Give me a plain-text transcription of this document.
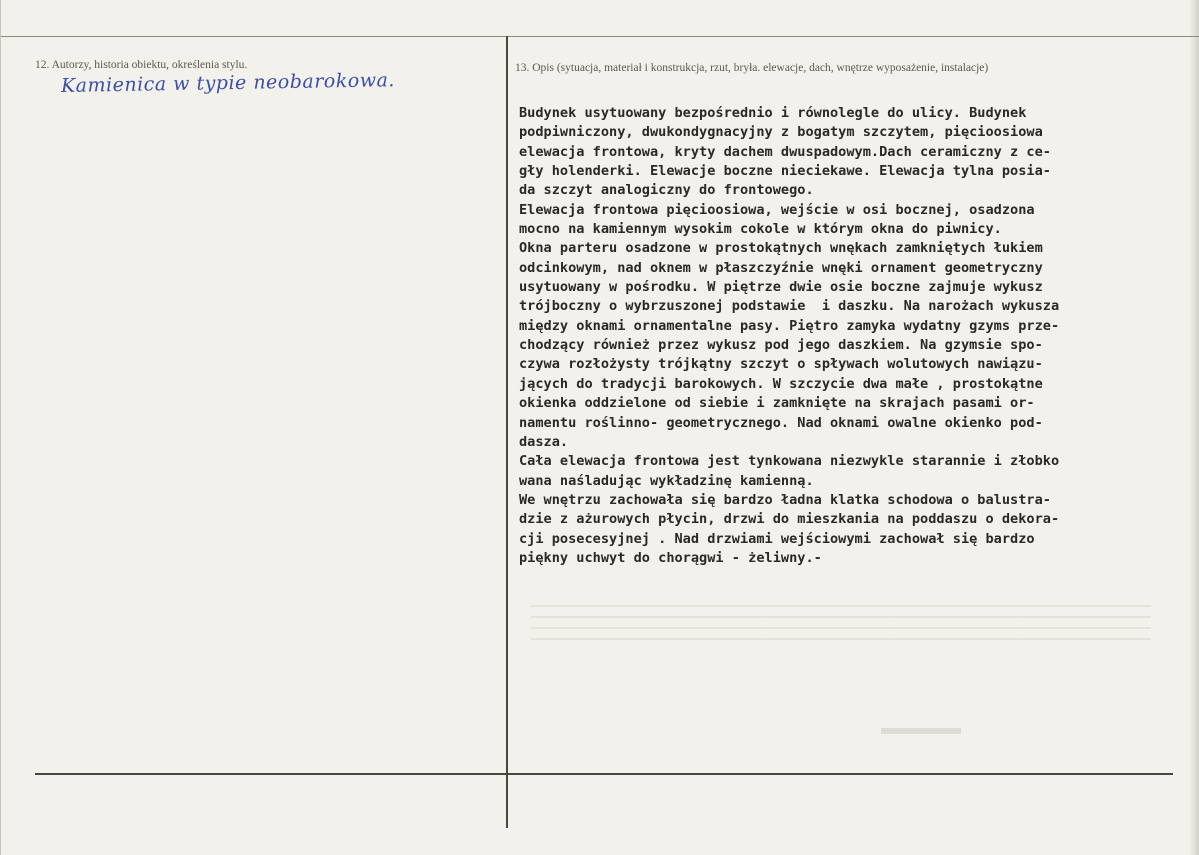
12. Autorzy, historia obiektu, określenia stylu.
Kamienica w typie neobarokowa.
13. Opis (sytuacja, materiał i konstrukcja, rzut, bryła. elewacje, dach, wnętrze wyposażenie, instalacje)
Budynek usytuowany bezpośrednio i równolegle do ulicy. Budynek
podpiwniczony, dwukondygnacyjny z bogatym szczytem, pięcioosiowa
elewacja frontowa, kryty dachem dwuspadowym.Dach ceramiczny z ce-
gły holenderki. Elewacje boczne nieciekawe. Elewacja tylna posia-
da szczyt analogiczny do frontowego.
Elewacja frontowa pięcioosiowa, wejście w osi bocznej, osadzona
mocno na kamiennym wysokim cokole w którym okna do piwnicy.
Okna parteru osadzone w prostokątnych wnękach zamkniętych łukiem
odcinkowym, nad oknem w płaszczyźnie wnęki ornament geometryczny
usytuowany w pośrodku. W piętrze dwie osie boczne zajmuje wykusz
trójboczny o wybrzuszonej podstawie  i daszku. Na narożach wykusza
między oknami ornamentalne pasy. Piętro zamyka wydatny gzyms prze-
chodzący również przez wykusz pod jego daszkiem. Na gzymsie spo-
czywa rozłożysty trójkątny szczyt o spływach wolutowych nawiązu-
jących do tradycji barokowych. W szczycie dwa małe , prostokątne
okienka oddzielone od siebie i zamknięte na skrajach pasami or-
namentu roślinno- geometrycznego. Nad oknami owalne okienko pod-
dasza.
Cała elewacja frontowa jest tynkowana niezwykle starannie i złobko
wana naśladując wykładzinę kamienną.
We wnętrzu zachowała się bardzo ładna klatka schodowa o balustra-
dzie z ażurowych płycin, drzwi do mieszkania na poddaszu o dekora-
cji posecesyjnej . Nad drzwiami wejściowymi zachował się bardzo
piękny uchwyt do chorągwi - żeliwny.-
